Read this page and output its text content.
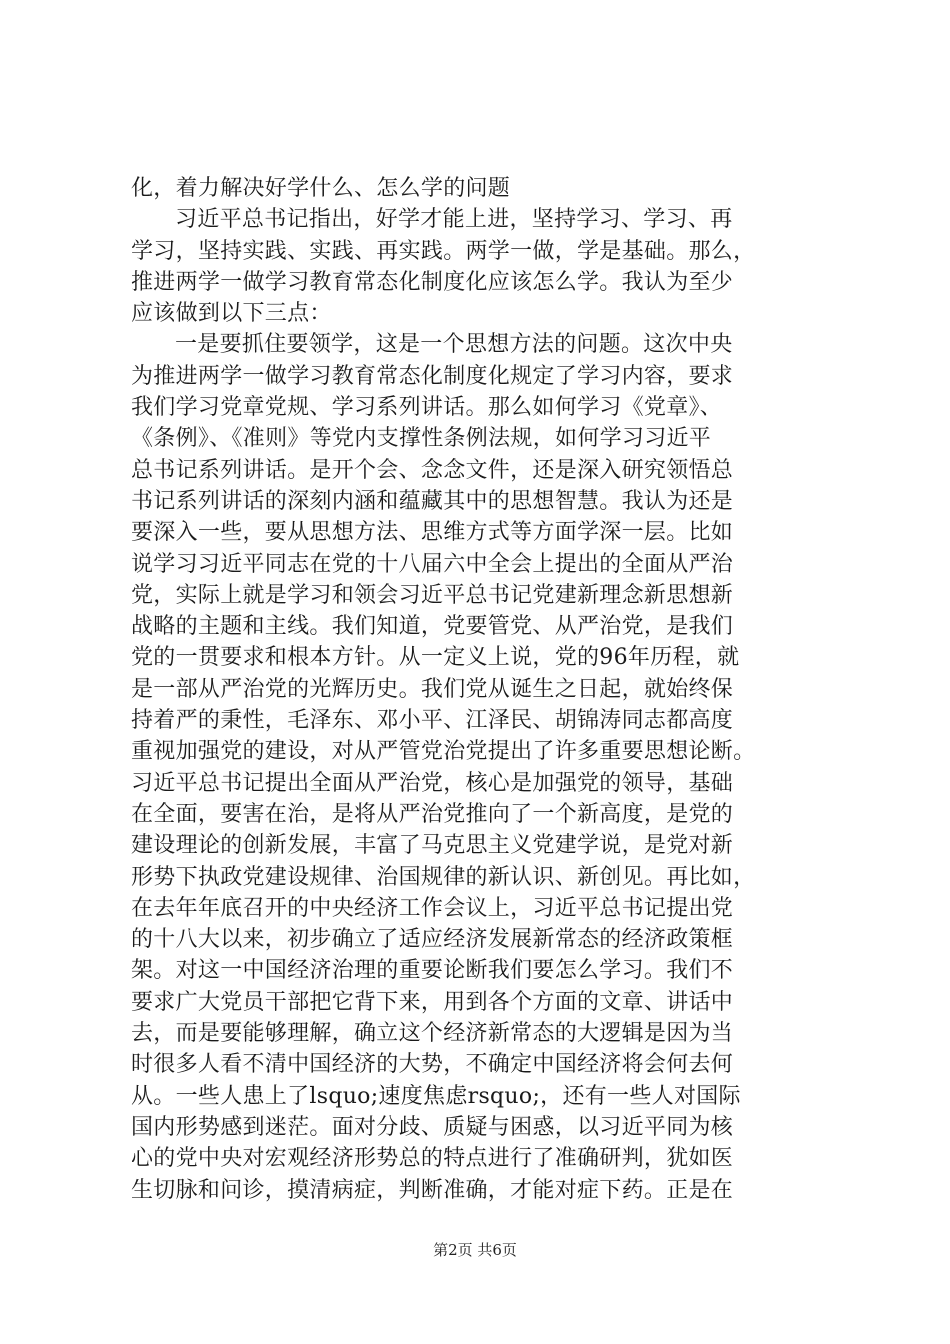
化，着力解决好学什么、怎么学的问题
习近平总书记指出，好学才能上进，坚持学习、学习、再
学习，坚持实践、实践、再实践。两学一做，学是基础。那么，
推进两学一做学习教育常态化制度化应该怎么学。我认为至少
应该做到以下三点：
一是要抓住要领学，这是一个思想方法的问题。这次中央
为推进两学一做学习教育常态化制度化规定了学习内容，要求
我们学习党章党规、学习系列讲话。那么如何学习《党章》、
《条例》、《准则》等党内支撑性条例法规，如何学习习近平
总书记系列讲话。是开个会、念念文件，还是深入研究领悟总
书记系列讲话的深刻内涵和蕴藏其中的思想智慧。我认为还是
要深入一些，要从思想方法、思维方式等方面学深一层。比如
说学习习近平同志在党的十八届六中全会上提出的全面从严治
党，实际上就是学习和领会习近平总书记党建新理念新思想新
战略的主题和主线。我们知道，党要管党、从严治党，是我们
党的一贯要求和根本方针。从一定义上说，党的96年历程，就
是一部从严治党的光辉历史。我们党从诞生之日起，就始终保
持着严的秉性，毛泽东、邓小平、江泽民、胡锦涛同志都高度
重视加强党的建设，对从严管党治党提出了许多重要思想论断。
习近平总书记提出全面从严治党，核心是加强党的领导，基础
在全面，要害在治，是将从严治党推向了一个新高度，是党的
建设理论的创新发展，丰富了马克思主义党建学说，是党对新
形势下执政党建设规律、治国规律的新认识、新创见。再比如，
在去年年底召开的中央经济工作会议上，习近平总书记提出党
的十八大以来，初步确立了适应经济发展新常态的经济政策框
架。对这一中国经济治理的重要论断我们要怎么学习。我们不
要求广大党员干部把它背下来，用到各个方面的文章、讲话中
去，而是要能够理解，确立这个经济新常态的大逻辑是因为当
时很多人看不清中国经济的大势，不确定中国经济将会何去何
从。一些人患上了lsquo;速度焦虑rsquo;，还有一些人对国际
国内形势感到迷茫。面对分歧、质疑与困惑，以习近平同为核
心的党中央对宏观经济形势总的特点进行了准确研判，犹如医
生切脉和问诊，摸清病症，判断准确，才能对症下药。正是在
第2页 共6页
